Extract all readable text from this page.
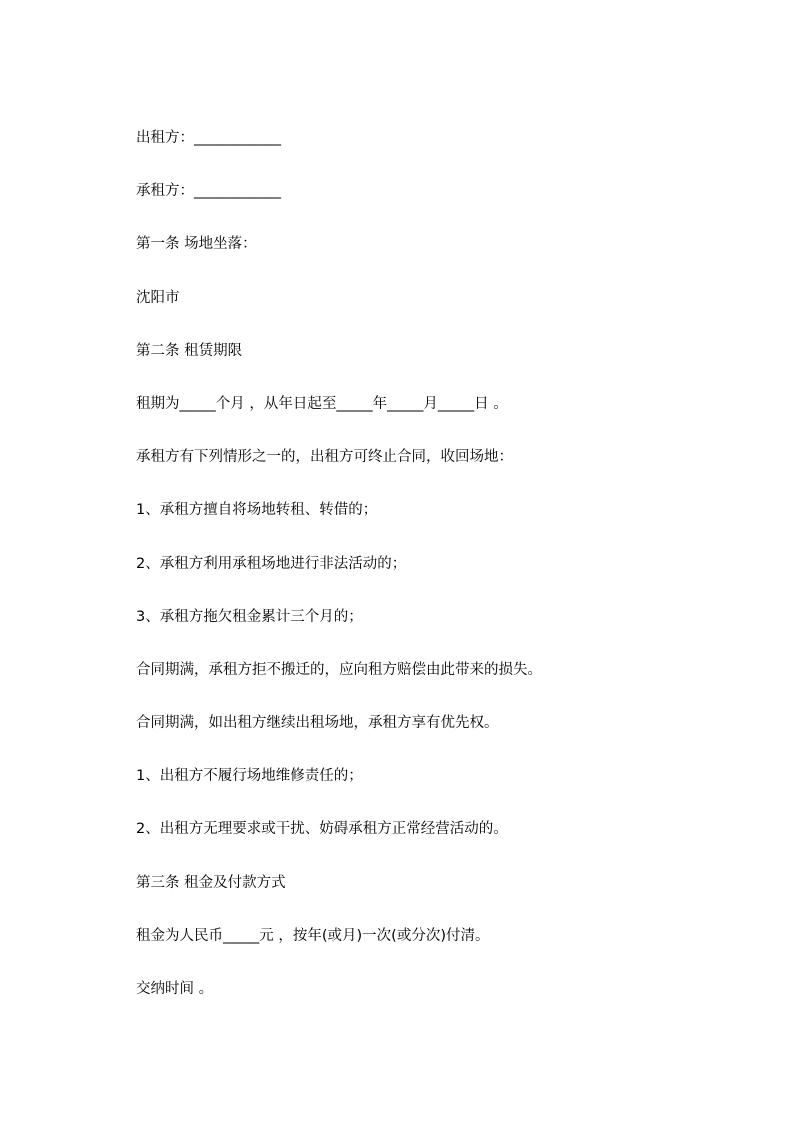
出租方：____________

承租方：____________

第一条 场地坐落：

沈阳市

第二条 租赁期限

租期为_____个月 ，从年日起至_____年_____月_____日 。

承租方有下列情形之一的，出租方可终止合同，收回场地：

1、承租方擅自将场地转租、转借的；

2、承租方利用承租场地进行非法活动的；

3、承租方拖欠租金累计三个月的；

合同期满，承租方拒不搬迁的，应向租方赔偿由此带来的损失。

合同期满，如出租方继续出租场地，承租方享有优先权。

1、出租方不履行场地维修责任的；

2、出租方无理要求或干扰、妨碍承租方正常经营活动的。

第三条 租金及付款方式

租金为人民币_____元 ，按年(或月)一次(或分次)付清。

交纳时间 。
